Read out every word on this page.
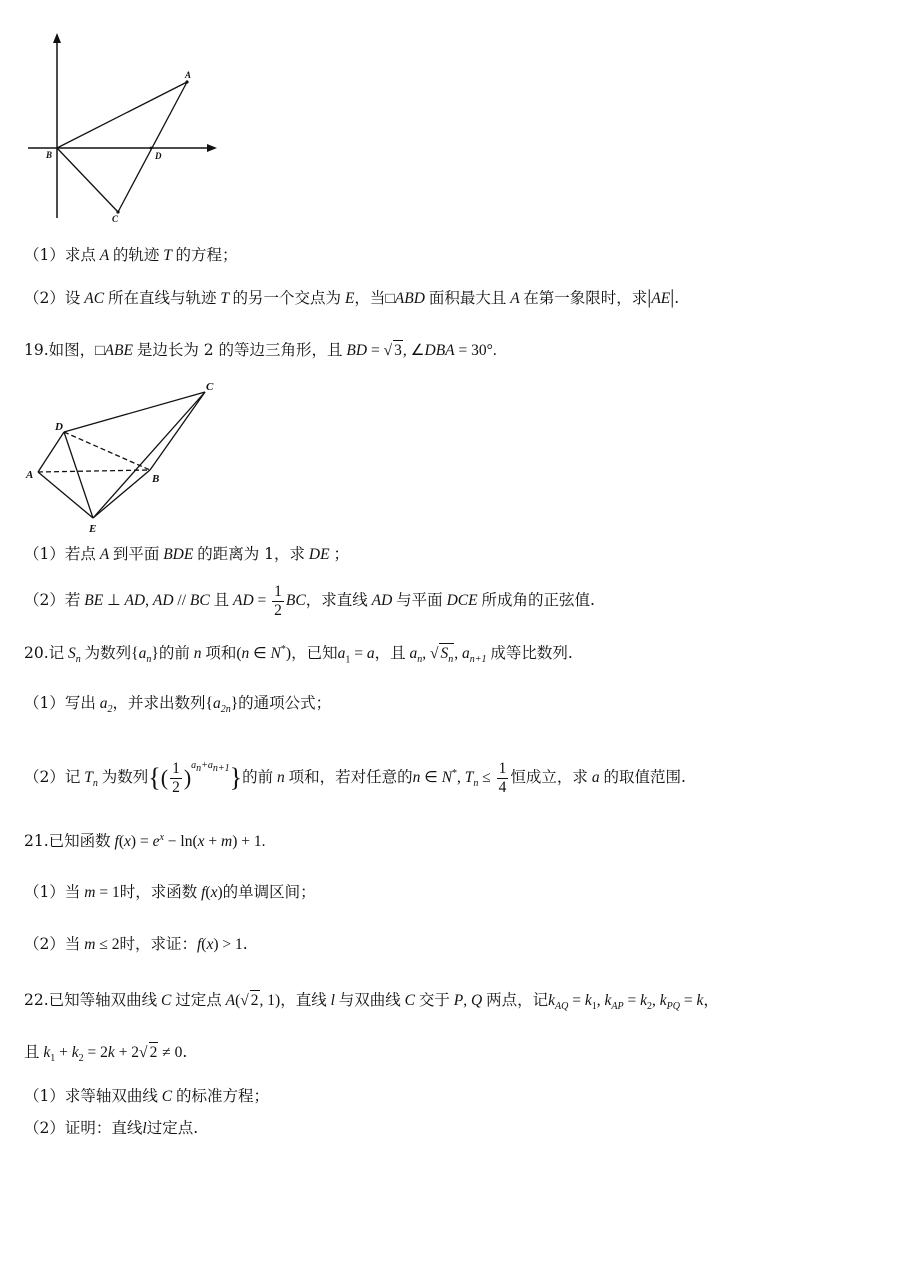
A
B	D
C
（1）求点 A 的轨迹 T 的方程；
（2）设 AC 所在直线与轨迹 T 的另一个交点为 E，当□ABD 面积最大且 A 在第一象限时，求|AE|.
19.如图，□ABE 是边长为 2 的等边三角形，且 BD = √ 3, ∠DBA = 30°.
C
D
A	B
E
（1）若点 A 到平面 BDE 的距离为 1，求 DE ；
（2）若 BE ⊥ AD, AD // BC 且 AD = $\frac{1}{2}$ BC，求直线 AD 与平面 DCE 所成角的正弦值.
20.记 $S_n$ 为数列$\{a_n\}$的前 n 项和(n ∈ N*)，已知$a_1 = a$，且 $a_n$, √ $S_n$, $a_{n+1}$ 成等比数列.
（1）写出 $a_2$，并求出数列$\{a_{2n}\}$的通项公式；
（2）记 $T_n$ 为数列{( $\frac{1}{2} )^{a_n+a_{n+1}}$}的前 n 项和，若对任意的n ∈ N*, $T_n \le \frac{1}{4}$ 恒成立，求 a 的取值范围.
21.已知函数 $f(x) = e^x - \ln(x + m) + 1$.
（1）当 m = 1时，求函数 f(x)的单调区间；
（2）当 m ≤ 2时，求证：f(x) > 1.
22.已知等轴双曲线 C 过定点 A(√ 2, 1)，直线 l 与双曲线 C 交于 P, Q 两点，记$k_{AQ} = k_1$, $k_{AP} = k_2$, $k_{PQ} = k$，
且 $k_1 + k_2 = 2k + 2√$ 2 ≠ 0.
（1）求等轴双曲线 C 的标准方程；
（2）证明：直线l过定点.
